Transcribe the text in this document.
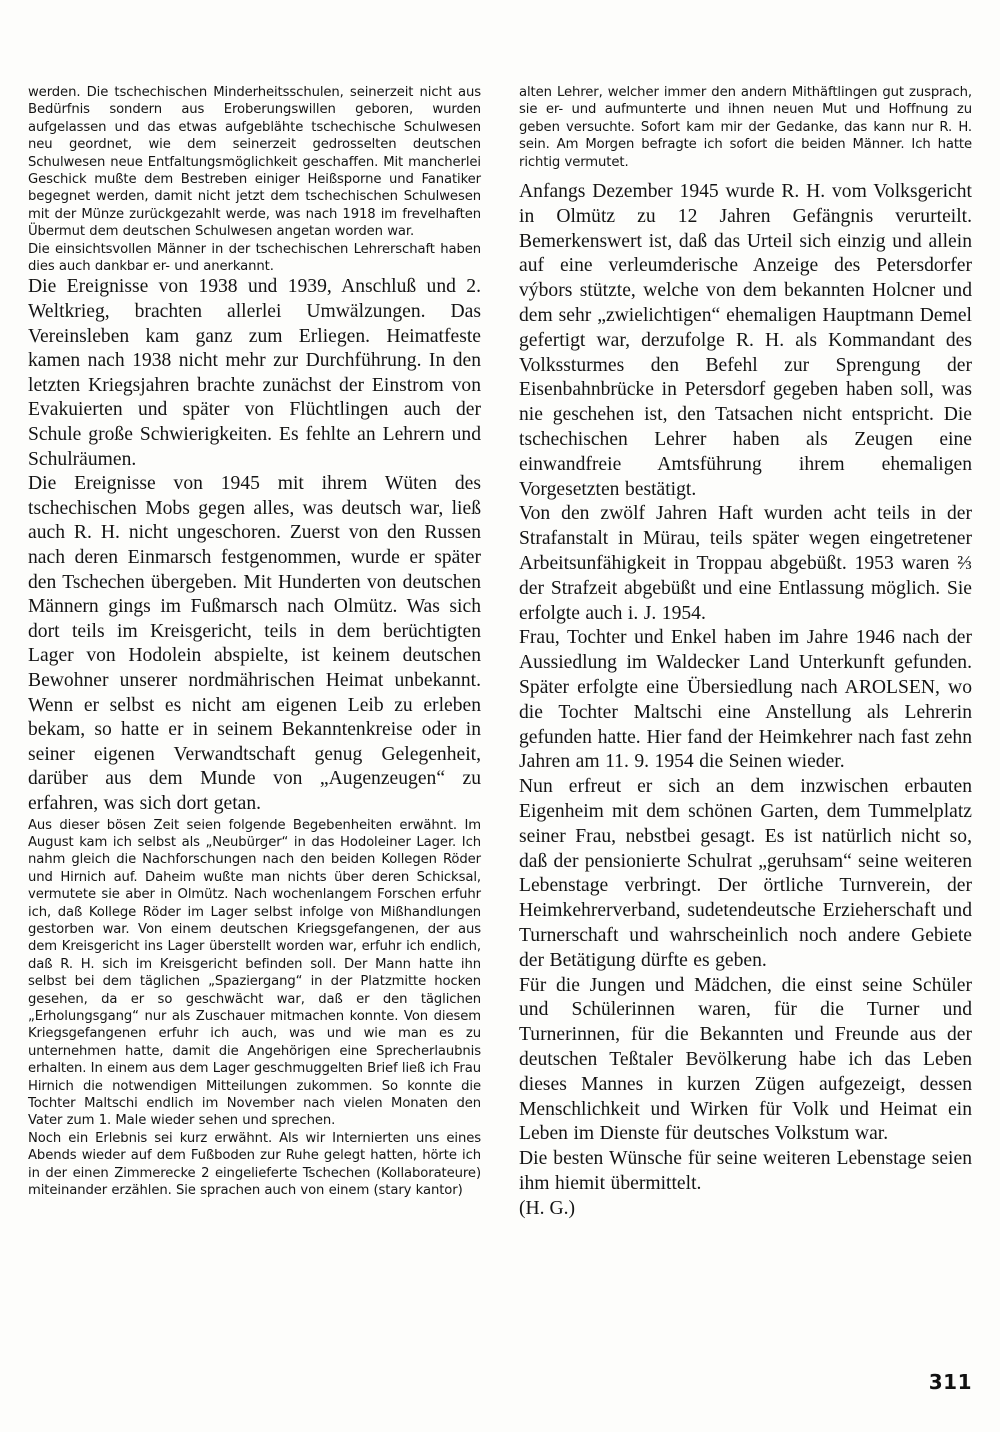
werden. Die tschechischen Minderheitsschulen, seinerzeit nicht aus Bedürfnis sondern aus Eroberungswillen geboren, wurden aufgelassen und das etwas aufgeblähte tschechische Schulwesen neu geordnet, wie dem seinerzeit gedrosselten deutschen Schulwesen neue Entfaltungsmöglichkeit geschaffen. Mit mancherlei Geschick mußte dem Bestreben einiger Heißsporne und Fanatiker begegnet werden, damit nicht jetzt dem tschechischen Schulwesen mit der Münze zurückgezahlt werde, was nach 1918 im frevelhaften Übermut dem deutschen Schulwesen angetan worden war.

Die einsichtsvollen Männer in der tschechischen Lehrerschaft haben dies auch dankbar er- und anerkannt.

Die Ereignisse von 1938 und 1939, Anschluß und 2. Weltkrieg, brachten allerlei Umwälzungen. Das Vereinsleben kam ganz zum Erliegen. Heimatfeste kamen nach 1938 nicht mehr zur Durchführung. In den letzten Kriegsjahren brachte zunächst der Einstrom von Evakuierten und später von Flüchtlingen auch der Schule große Schwierigkeiten. Es fehlte an Lehrern und Schulräumen.

Die Ereignisse von 1945 mit ihrem Wüten des tschechischen Mobs gegen alles, was deutsch war, ließ auch R. H. nicht ungeschoren. Zuerst von den Russen nach deren Einmarsch festgenommen, wurde er später den Tschechen übergeben. Mit Hunderten von deutschen Männern gings im Fußmarsch nach Olmütz. Was sich dort teils im Kreisgericht, teils in dem berüchtigten Lager von Hodolein abspielte, ist keinem deutschen Bewohner unserer nordmährischen Heimat unbekannt. Wenn er selbst es nicht am eigenen Leib zu erleben bekam, so hatte er in seinem Bekanntenkreise oder in seiner eigenen Verwandtschaft genug Gelegenheit, darüber aus dem Munde von „Augenzeugen“ zu erfahren, was sich dort getan.

Aus dieser bösen Zeit seien folgende Begebenheiten erwähnt. Im August kam ich selbst als „Neubürger“ in das Hodoleiner Lager. Ich nahm gleich die Nachforschungen nach den beiden Kollegen Röder und Hirnich auf. Daheim wußte man nichts über deren Schicksal, vermutete sie aber in Olmütz. Nach wochenlangem Forschen erfuhr ich, daß Kollege Röder im Lager selbst infolge von Mißhandlungen gestorben war. Von einem deutschen Kriegsgefangenen, der aus dem Kreisgericht ins Lager überstellt worden war, erfuhr ich endlich, daß R. H. sich im Kreisgericht befinden soll. Der Mann hatte ihn selbst bei dem täglichen „Spaziergang“ in der Platzmitte hocken gesehen, da er so geschwächt war, daß er den täglichen „Erholungsgang“ nur als Zuschauer mitmachen konnte. Von diesem Kriegsgefangenen erfuhr ich auch, was und wie man es zu unternehmen hatte, damit die Angehörigen eine Sprecherlaubnis erhalten. In einem aus dem Lager geschmuggelten Brief ließ ich Frau Hirnich die notwendigen Mitteilungen zukommen. So konnte die Tochter Maltschi endlich im November nach vielen Monaten den Vater zum 1. Male wieder sehen und sprechen.

Noch ein Erlebnis sei kurz erwähnt. Als wir Internierten uns eines Abends wieder auf dem Fußboden zur Ruhe gelegt hatten, hörte ich in der einen Zimmerecke 2 eingelieferte Tschechen (Kollaborateure) miteinander erzählen. Sie sprachen auch von einem (stary kantor)

alten Lehrer, welcher immer den andern Mithäftlingen gut zusprach, sie er- und aufmunterte und ihnen neuen Mut und Hoffnung zu geben versuchte. Sofort kam mir der Gedanke, das kann nur R. H. sein. Am Morgen befragte ich sofort die beiden Männer. Ich hatte richtig vermutet.

Anfangs Dezember 1945 wurde R. H. vom Volksgericht in Olmütz zu 12 Jahren Gefängnis verurteilt. Bemerkenswert ist, daß das Urteil sich einzig und allein auf eine verleumderische Anzeige des Petersdorfer výbors stützte, welche von dem bekannten Holcner und dem sehr „zwielichtigen“ ehemaligen Hauptmann Demel gefertigt war, derzufolge R. H. als Kommandant des Volkssturmes den Befehl zur Sprengung der Eisenbahnbrücke in Petersdorf gegeben haben soll, was nie geschehen ist, den Tatsachen nicht entspricht. Die tschechischen Lehrer haben als Zeugen eine einwandfreie Amtsführung ihrem ehemaligen Vorgesetzten bestätigt.

Von den zwölf Jahren Haft wurden acht teils in der Strafanstalt in Mürau, teils später wegen eingetretener Arbeitsunfähigkeit in Troppau abgebüßt. 1953 waren ⅔ der Strafzeit abgebüßt und eine Entlassung möglich. Sie erfolgte auch i. J. 1954.

Frau, Tochter und Enkel haben im Jahre 1946 nach der Aussiedlung im Waldecker Land Unterkunft gefunden. Später erfolgte eine Übersiedlung nach AROLSEN, wo die Tochter Maltschi eine Anstellung als Lehrerin gefunden hatte. Hier fand der Heimkehrer nach fast zehn Jahren am 11. 9. 1954 die Seinen wieder.

Nun erfreut er sich an dem inzwischen erbauten Eigenheim mit dem schönen Garten, dem Tummelplatz seiner Frau, nebstbei gesagt. Es ist natürlich nicht so, daß der pensionierte Schulrat „geruhsam“ seine weiteren Lebenstage verbringt. Der örtliche Turnverein, der Heimkehrerverband, sudetendeutsche Erzieherschaft und Turnerschaft und wahrscheinlich noch andere Gebiete der Betätigung dürfte es geben.

Für die Jungen und Mädchen, die einst seine Schüler und Schülerinnen waren, für die Turner und Turnerinnen, für die Bekannten und Freunde aus der deutschen Teßtaler Bevölkerung habe ich das Leben dieses Mannes in kurzen Zügen aufgezeigt, dessen Menschlichkeit und Wirken für Volk und Heimat ein Leben im Dienste für deutsches Volkstum war.

Die besten Wünsche für seine weiteren Lebenstage seien ihm hiemit übermittelt.

(H. G.)

311
